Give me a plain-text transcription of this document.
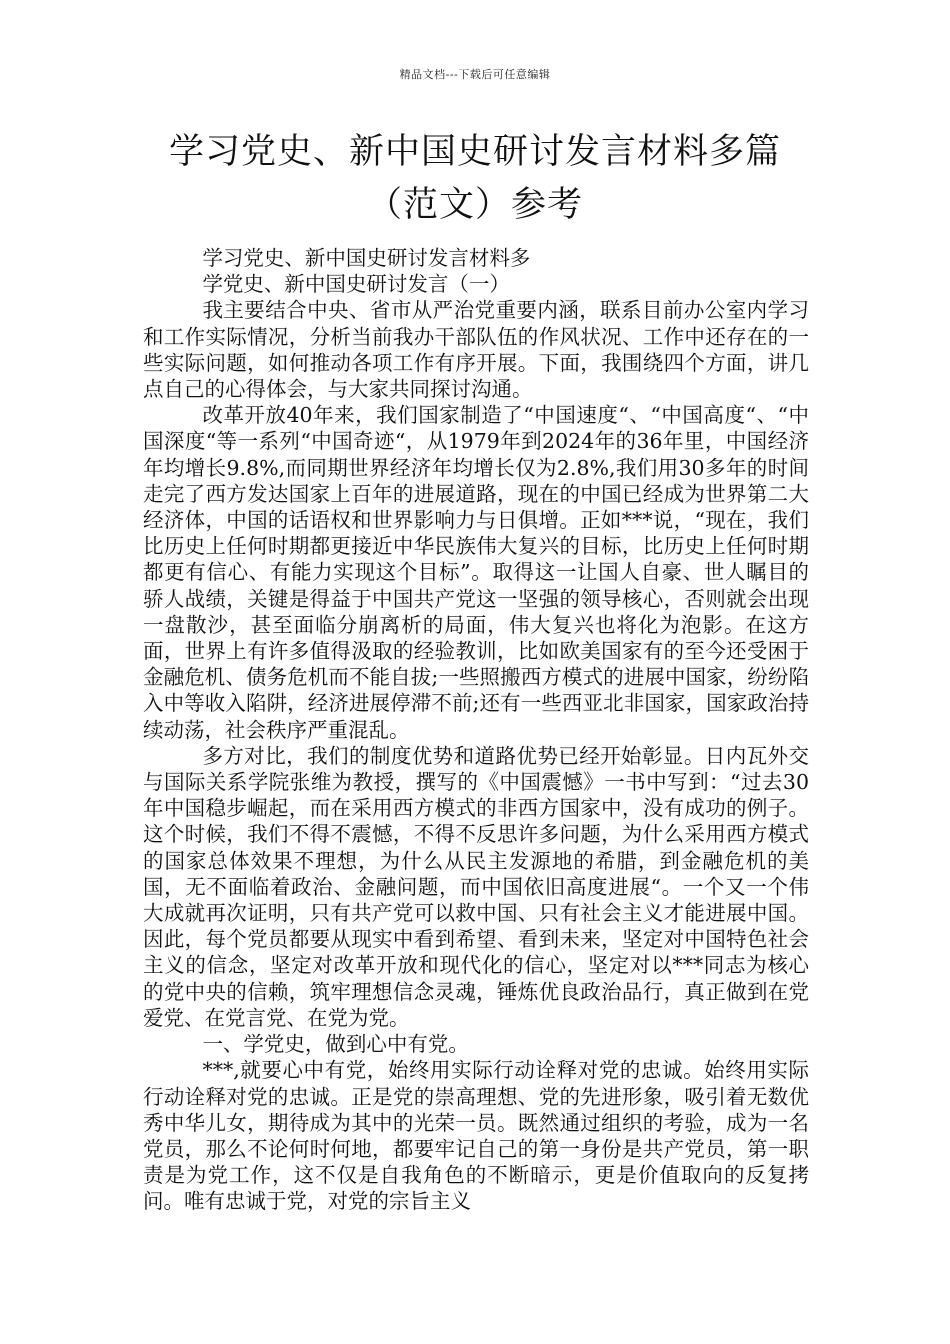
精品文档---下载后可任意编辑
学习党史、新中国史研讨发言材料多篇
（范文）参考

学习党史、新中国史研讨发言材料多

学党史、新中国史研讨发言（一）

我主要结合中央、省市从严治党重要内涵，联系目前办公室内学习和工作实际情况，分析当前我办干部队伍的作风状况、工作中还存在的一些实际问题，如何推动各项工作有序开展。下面，我围绕四个方面，讲几点自己的心得体会，与大家共同探讨沟通。

改革开放40年来，我们国家制造了“中国速度“、“中国高度“、“中国深度“等一系列“中国奇迹“，从1979年到2024年的36年里，中国经济年均增长9.8%,而同期世界经济年均增长仅为2.8%,我们用30多年的时间走完了西方发达国家上百年的进展道路，现在的中国已经成为世界第二大经济体，中国的话语权和世界影响力与日俱增。正如***说，“现在，我们比历史上任何时期都更接近中华民族伟大复兴的目标，比历史上任何时期都更有信心、有能力实现这个目标”。取得这一让国人自豪、世人瞩目的骄人战绩，关键是得益于中国共产党这一坚强的领导核心，否则就会出现一盘散沙，甚至面临分崩离析的局面，伟大复兴也将化为泡影。在这方面，世界上有许多值得汲取的经验教训，比如欧美国家有的至今还受困于金融危机、债务危机而不能自拔;一些照搬西方模式的进展中国家，纷纷陷入中等收入陷阱，经济进展停滞不前;还有一些西亚北非国家，国家政治持续动荡，社会秩序严重混乱。

多方对比，我们的制度优势和道路优势已经开始彰显。日内瓦外交与国际关系学院张维为教授，撰写的《中国震憾》一书中写到：“过去30年中国稳步崛起，而在采用西方模式的非西方国家中，没有成功的例子。这个时候，我们不得不震憾，不得不反思许多问题，为什么采用西方模式的国家总体效果不理想，为什么从民主发源地的希腊，到金融危机的美国，无不面临着政治、金融问题，而中国依旧高度进展“。一个又一个伟大成就再次证明，只有共产党可以救中国、只有社会主义才能进展中国。因此，每个党员都要从现实中看到希望、看到未来，坚定对中国特色社会主义的信念，坚定对改革开放和现代化的信心，坚定对以***同志为核心的党中央的信赖，筑牢理想信念灵魂，锤炼优良政治品行，真正做到在党爱党、在党言党、在党为党。

一、学党史，做到心中有党。

***,就要心中有党，始终用实际行动诠释对党的忠诚。始终用实际行动诠释对党的忠诚。正是党的崇高理想、党的先进形象，吸引着无数优秀中华儿女，期待成为其中的光荣一员。既然通过组织的考验，成为一名党员，那么不论何时何地，都要牢记自己的第一身份是共产党员，第一职责是为党工作，这不仅是自我角色的不断暗示，更是价值取向的反复拷问。唯有忠诚于党，对党的宗旨主义
